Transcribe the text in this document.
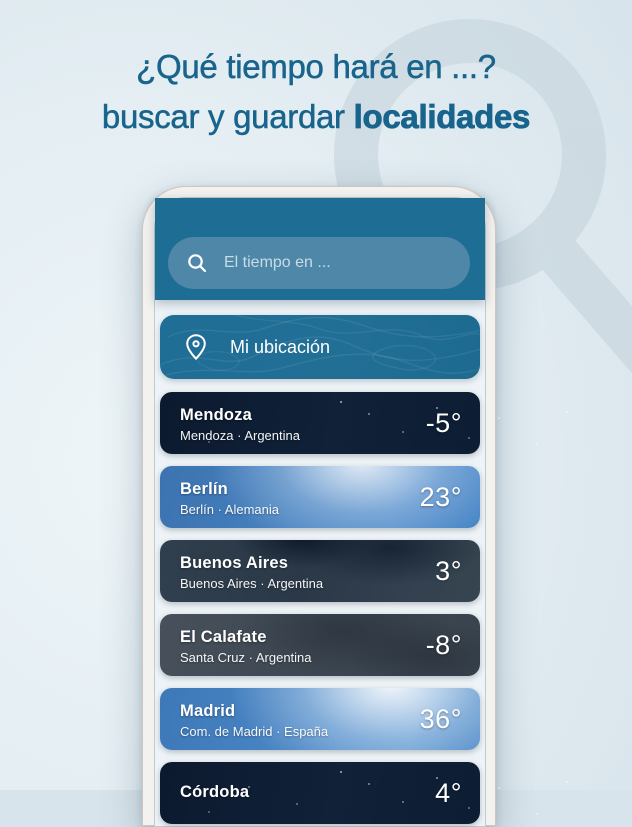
¿Qué tiempo hará en ...?
buscar y guardar localidades
El tiempo en ...
Mi ubicación
Mendoza
Mendoza · Argentina	-5°
Berlín
Berlín · Alemania	23°
Buenos Aires
Buenos Aires · Argentina	3°
El Calafate
Santa Cruz · Argentina	-8°
Madrid
Com. de Madrid · España	36°
Córdoba	4°
